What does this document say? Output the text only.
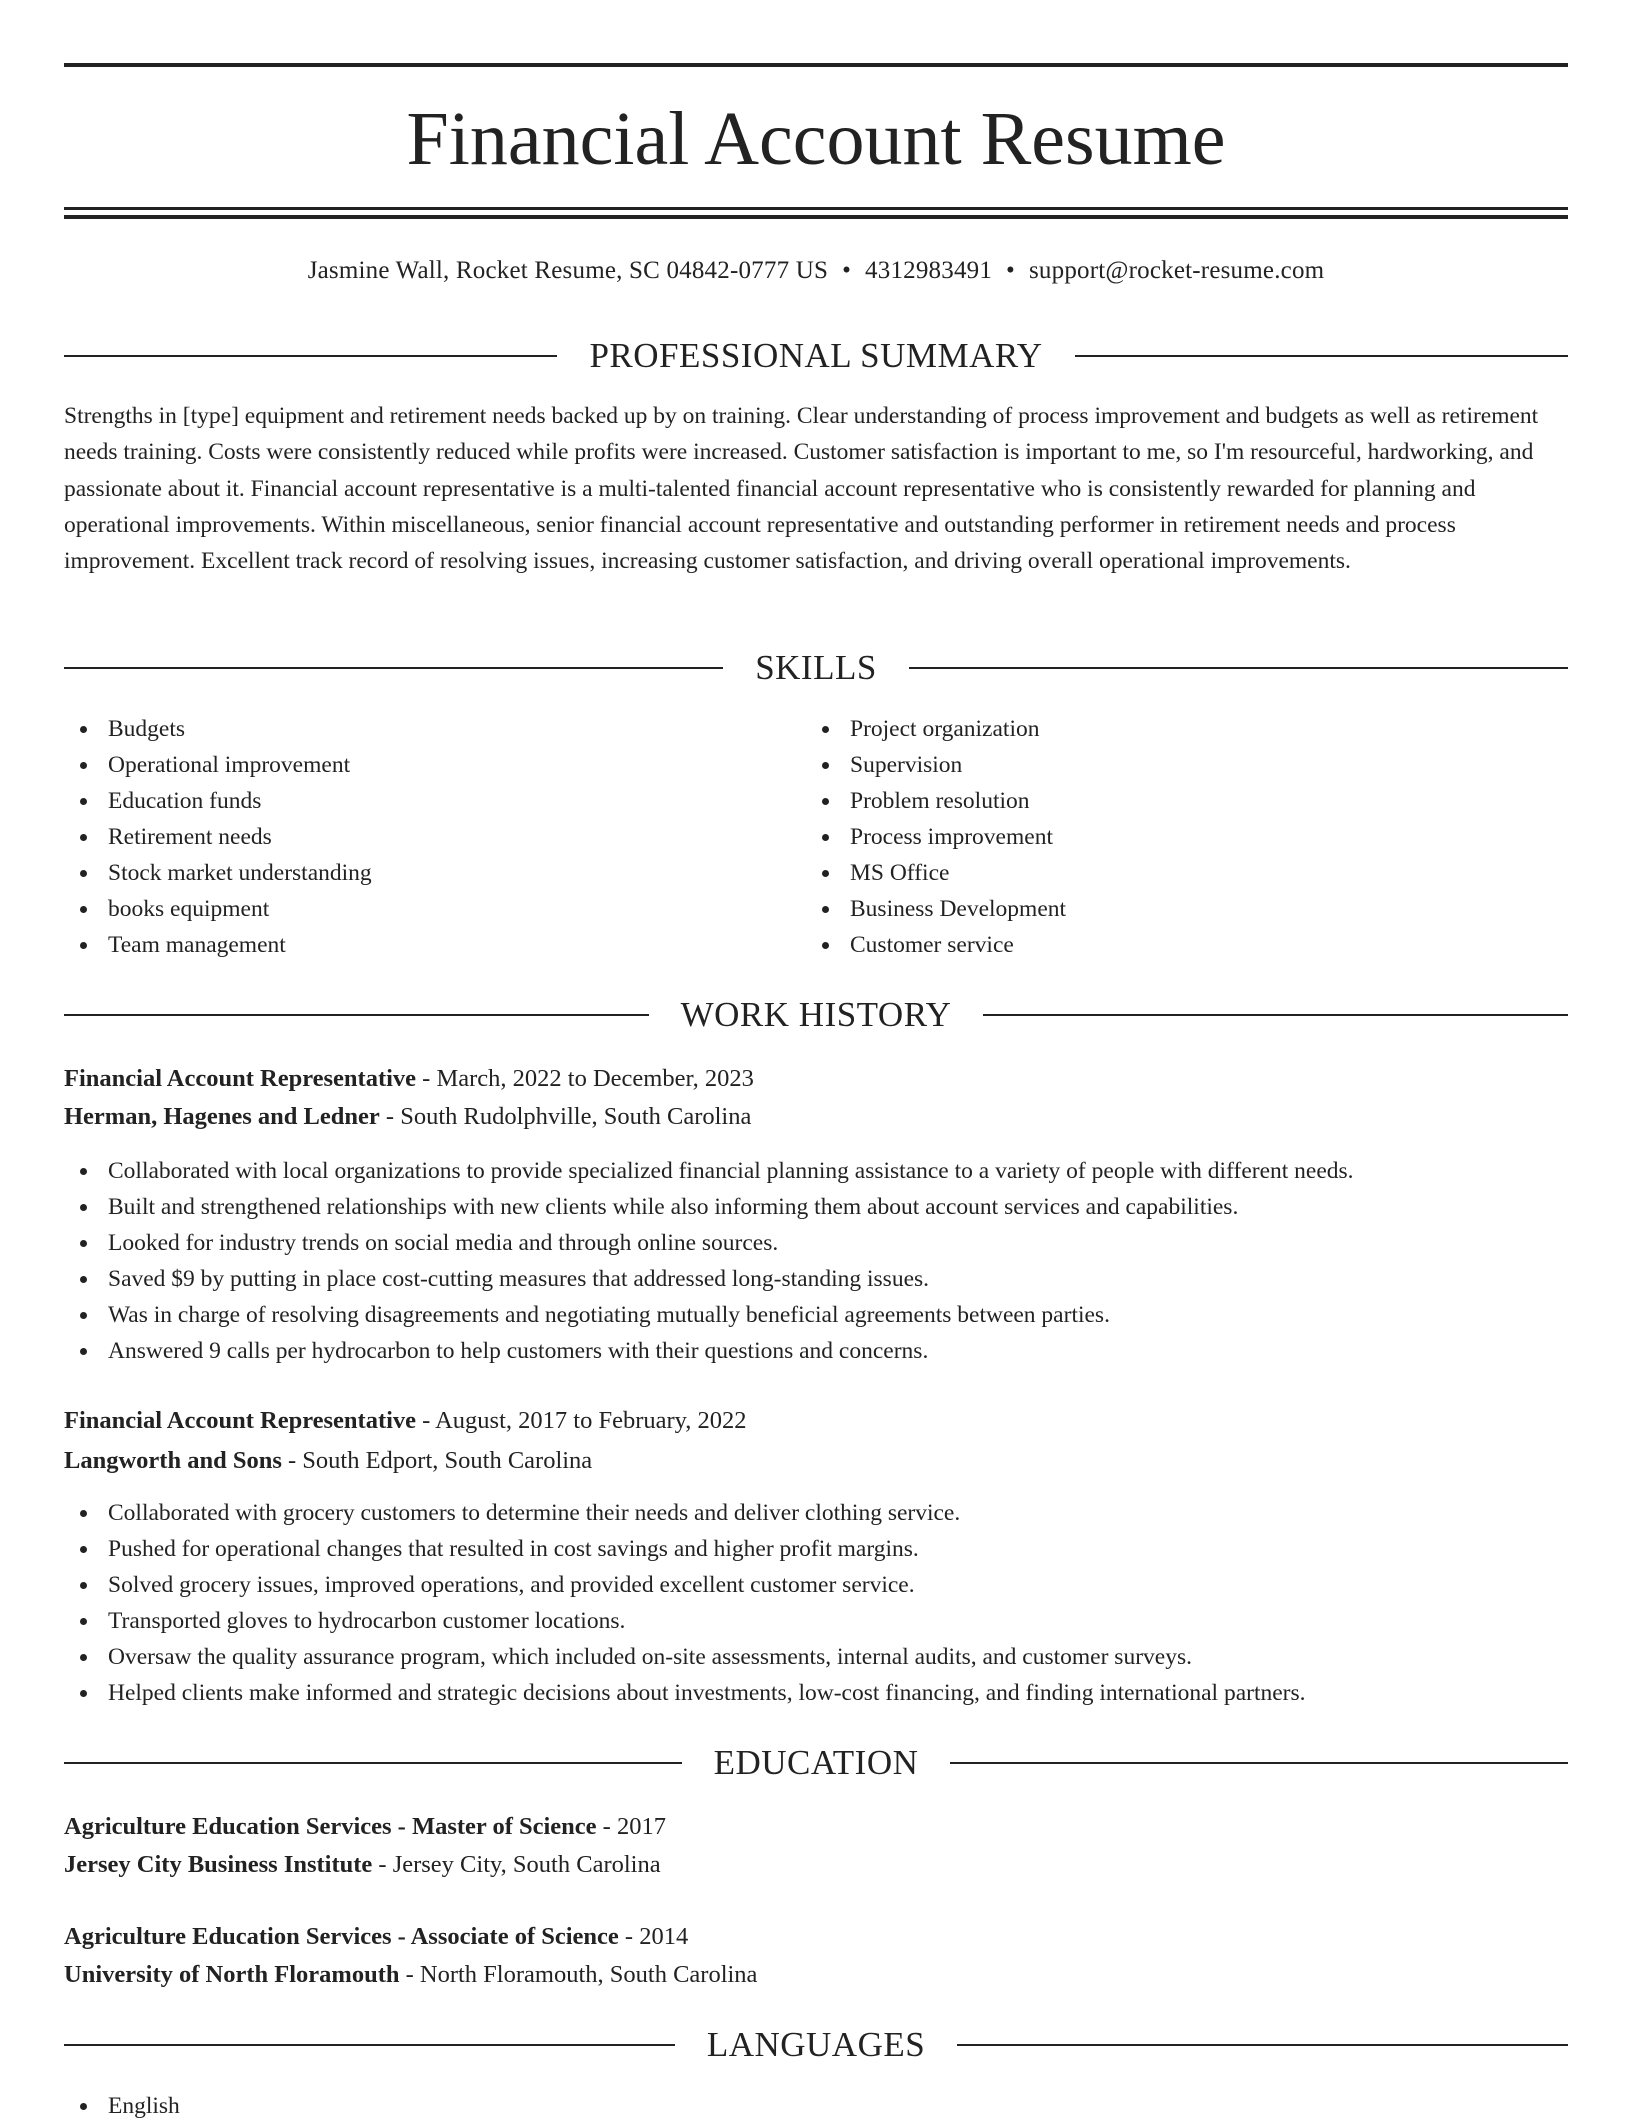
Financial Account Resume
Jasmine Wall, Rocket Resume, SC 04842-0777 US • 4312983491 • support@rocket-resume.com
PROFESSIONAL SUMMARY

Strengths in [type] equipment and retirement needs backed up by on training. Clear understanding of process improvement and budgets as well as retirement needs training. Costs were consistently reduced while profits were increased. Customer satisfaction is important to me, so I'm resourceful, hardworking, and passionate about it. Financial account representative is a multi-talented financial account representative who is consistently rewarded for planning and operational improvements. Within miscellaneous, senior financial account representative and outstanding performer in retirement needs and process improvement. Excellent track record of resolving issues, increasing customer satisfaction, and driving overall operational improvements.

SKILLS
Budgets
Operational improvement
Education funds
Retirement needs
Stock market understanding
books equipment
Team management
Project organization
Supervision
Problem resolution
Process improvement
MS Office
Business Development
Customer service
WORK HISTORY
Financial Account Representative - March, 2022 to December, 2023
Herman, Hagenes and Ledner - South Rudolphville, South Carolina
Collaborated with local organizations to provide specialized financial planning assistance to a variety of people with different needs.
Built and strengthened relationships with new clients while also informing them about account services and capabilities.
Looked for industry trends on social media and through online sources.
Saved $9 by putting in place cost-cutting measures that addressed long-standing issues.
Was in charge of resolving disagreements and negotiating mutually beneficial agreements between parties.
Answered 9 calls per hydrocarbon to help customers with their questions and concerns.
Financial Account Representative - August, 2017 to February, 2022
Langworth and Sons - South Edport, South Carolina
Collaborated with grocery customers to determine their needs and deliver clothing service.
Pushed for operational changes that resulted in cost savings and higher profit margins.
Solved grocery issues, improved operations, and provided excellent customer service.
Transported gloves to hydrocarbon customer locations.
Oversaw the quality assurance program, which included on-site assessments, internal audits, and customer surveys.
Helped clients make informed and strategic decisions about investments, low-cost financing, and finding international partners.
EDUCATION
Agriculture Education Services - Master of Science - 2017
Jersey City Business Institute - Jersey City, South Carolina
Agriculture Education Services - Associate of Science - 2014
University of North Floramouth - North Floramouth, South Carolina
LANGUAGES
English
